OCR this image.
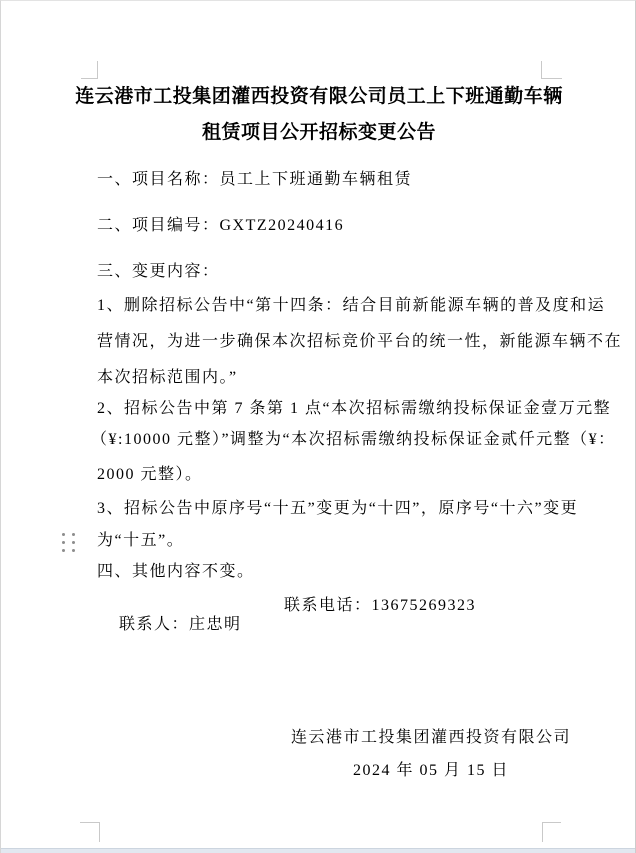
连云港市工投集团灌西投资有限公司员工上下班通勤车辆
租赁项目公开招标变更公告
一、项目名称：员工上下班通勤车辆租赁
二、项目编号：GXTZ20240416
三、变更内容：
1、删除招标公告中“第十四条：结合目前新能源车辆的普及度和运
营情况，为进一步确保本次招标竞价平台的统一性，新能源车辆不在
本次招标范围内。”
2、招标公告中第 7 条第 1 点“本次招标需缴纳投标保证金壹万元整
（¥:10000 元整）”调整为“本次招标需缴纳投标保证金贰仟元整（¥：
2000 元整）。
3、招标公告中原序号“十五”变更为“十四”，原序号“十六”变更
为“十五”。
四、其他内容不变。

联系人：庄忠明

联系电话：13675269323

连云港市工投集团灌西投资有限公司
2024 年 05 月 15 日
